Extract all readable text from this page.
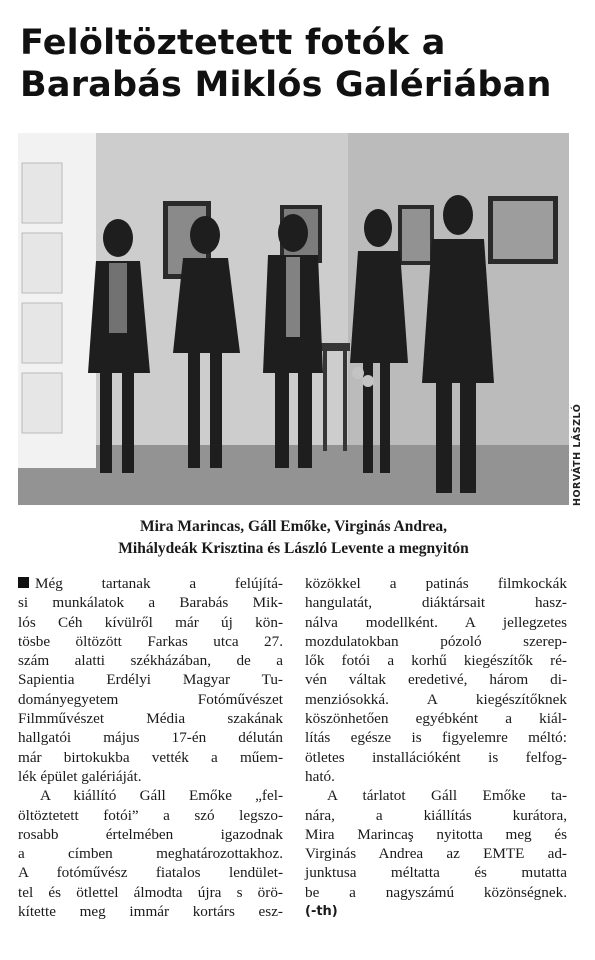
Felöltöztetett fotók a
Barabás Miklós Galériában
HORVÁTH LÁSZLÓ
Mira Marincas, Gáll Emőke, Virginás Andrea,
Mihálydeák Krisztina és László Levente a megnyitón
Még tartanak a felújítá-
si munkálatok a Barabás Mik-
lós Céh kívülről már új kön-
tösbe öltözött Farkas utca 27.
szám alatti székházában, de a
Sapientia Erdélyi Magyar Tu-
dományegyetem Fotóművészet
Filmművészet Média szakának
hallgatói május 17-én délután
már birtokukba vették a műem-
lék épület galériáját.
A kiállító Gáll Emőke „fel-
öltöztetett fotói” a szó legszo-
rosabb értelmében igazodnak
a címben meghatározottakhoz.
A fotóművész fiatalos lendület-
tel és ötlettel álmodta újra s örö-
kítette meg immár kortárs esz-
közökkel a patinás filmkockák
hangulatát, diáktársait hasz-
nálva modellként. A jellegzetes
mozdulatokban pózoló szerep-
lők fotói a korhű kiegészítők ré-
vén váltak eredetivé, három di-
menziósokká. A kiegészítőknek
köszönhetően egyébként a kiál-
lítás egésze is figyelemre méltó:
ötletes installációként is felfog-
ható.
A tárlatot Gáll Emőke ta-
nára, a kiállítás kurátora,
Mira Marincaş nyitotta meg és
Virginás Andrea az EMTE ad-
junktusa méltatta és mutatta
be a nagyszámú közönségnek.
(-th)
